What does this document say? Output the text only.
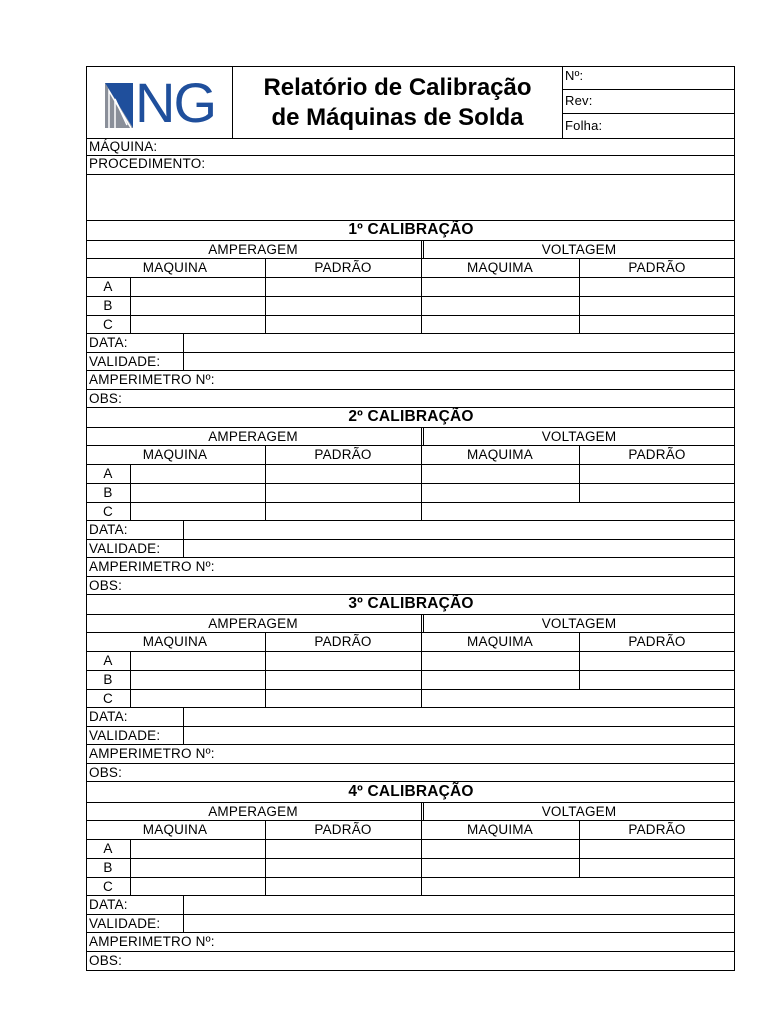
NG	Relatório de Calibração
de Máquinas de Solda
Nº:
Rev:
Folha:
MÁQUINA:
PROCEDIMENTO:
1º CALIBRAÇÃO
AMPERAGEM	VOLTAGEM
MAQUINA	PADRÃO	MAQUIMA	PADRÃO
A
B
C
DATA:
VALIDADE:
AMPERIMETRO Nº:
OBS:
2º CALIBRAÇÃO
AMPERAGEM	VOLTAGEM
MAQUINA	PADRÃO	MAQUIMA	PADRÃO
A
B
C
DATA:
VALIDADE:
AMPERIMETRO Nº:
OBS:
3º CALIBRAÇÃO
AMPERAGEM	VOLTAGEM
MAQUINA	PADRÃO	MAQUIMA	PADRÃO
A
B
C
DATA:
VALIDADE:
AMPERIMETRO Nº:
OBS:
4º CALIBRAÇÃO
AMPERAGEM	VOLTAGEM
MAQUINA	PADRÃO	MAQUIMA	PADRÃO
A
B
C
DATA:
VALIDADE:
AMPERIMETRO Nº:
OBS:
